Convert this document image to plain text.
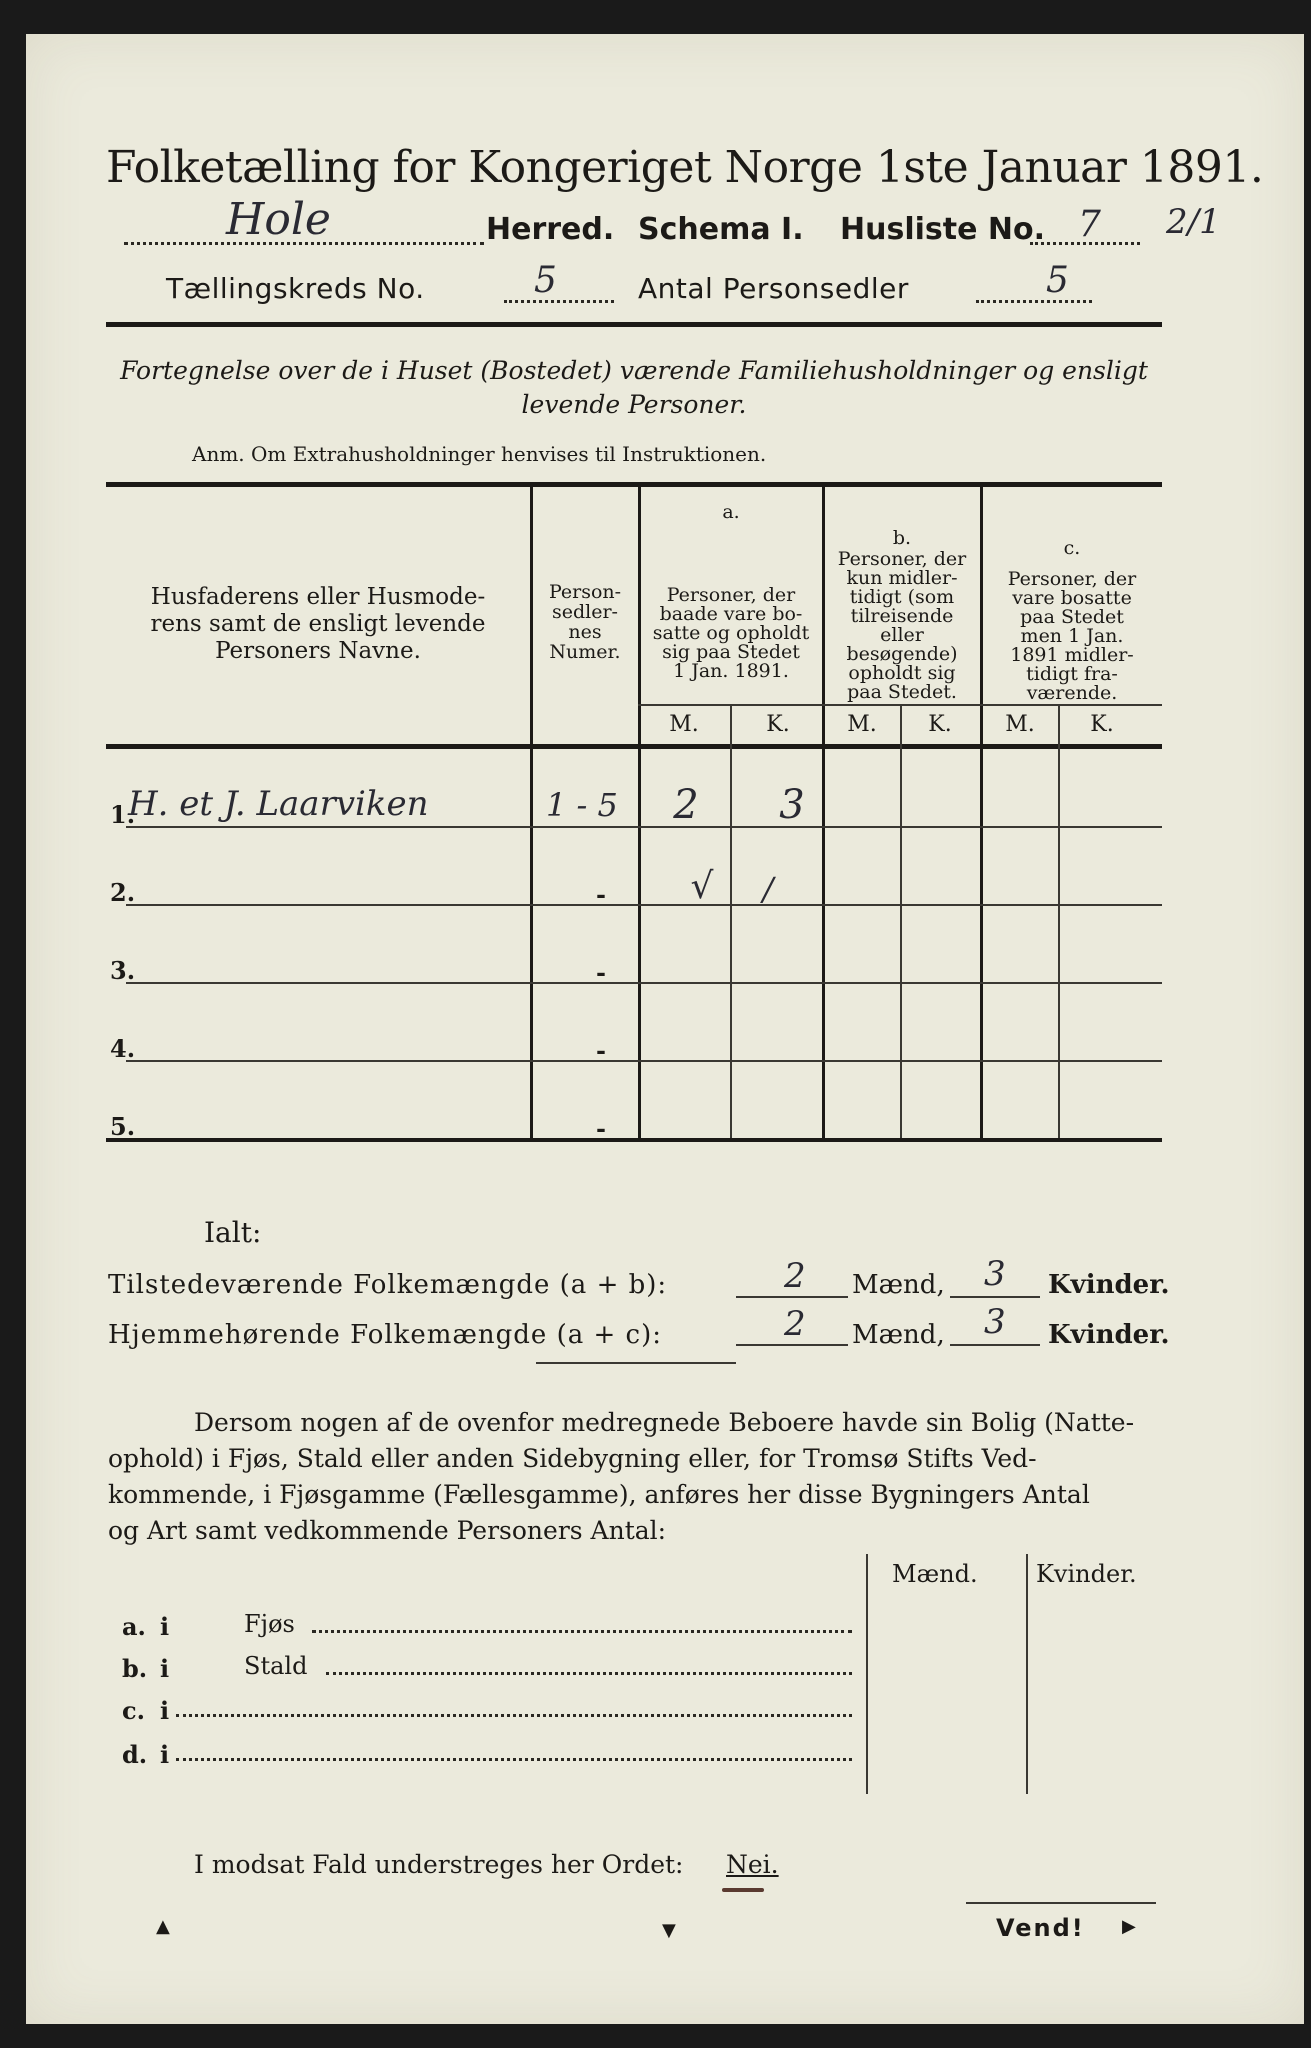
Folketælling for Kongeriget Norge 1ste Januar 1891.
Hole	Herred. Schema I. Husliste No. 7 2/1
Tællingskreds No.	5	Antal Personsedler	5
Fortegnelse over de i Huset (Bostedet) værende Familiehusholdninger og ensligt
levende Personer.
Anm. Om Extrahusholdninger henvises til Instruktionen.
Husfaderens eller Husmode-
rens samt de ensligt levende
Personers Navne.
Person-
sedler-
nes
Numer.
a.
Personer, der
baade vare bo-
satte og opholdt
sig paa Stedet
1 Jan. 1891.
b.
Personer, der
kun midler-
tidigt (som
tilreisende
eller
besøgende)
opholdt sig
paa Stedet.
c.
Personer, der
vare bosatte
paa Stedet
men 1 Jan.
1891 midler-
tidigt fra-
værende.
M.	K.	M.	K.	M.	K.
1.
H. et J. Laarviken	1 - 5	2	3
2.	-	√	/
3.	-
4.	-
5.	-
Ialt:
Tilstedeværende Folkemængde (a + b):	2 Mænd, 3 Kvinder.
Hjemmehørende Folkemængde (a + c):	2 Mænd, 3 Kvinder.
Dersom nogen af de ovenfor medregnede Beboere havde sin Bolig (Natte-
ophold) i Fjøs, Stald eller anden Sidebygning eller, for Tromsø Stifts Ved-
kommende, i Fjøsgamme (Fællesgamme), anføres her disse Bygningers Antal
og Art samt vedkommende Personers Antal:
Mænd. Kvinder.
a. i	Fjøs
b. i	Stald
c. i
d. i
I modsat Fald understreges her Ordet: Nei.
▲	▼	Vend! ▶
